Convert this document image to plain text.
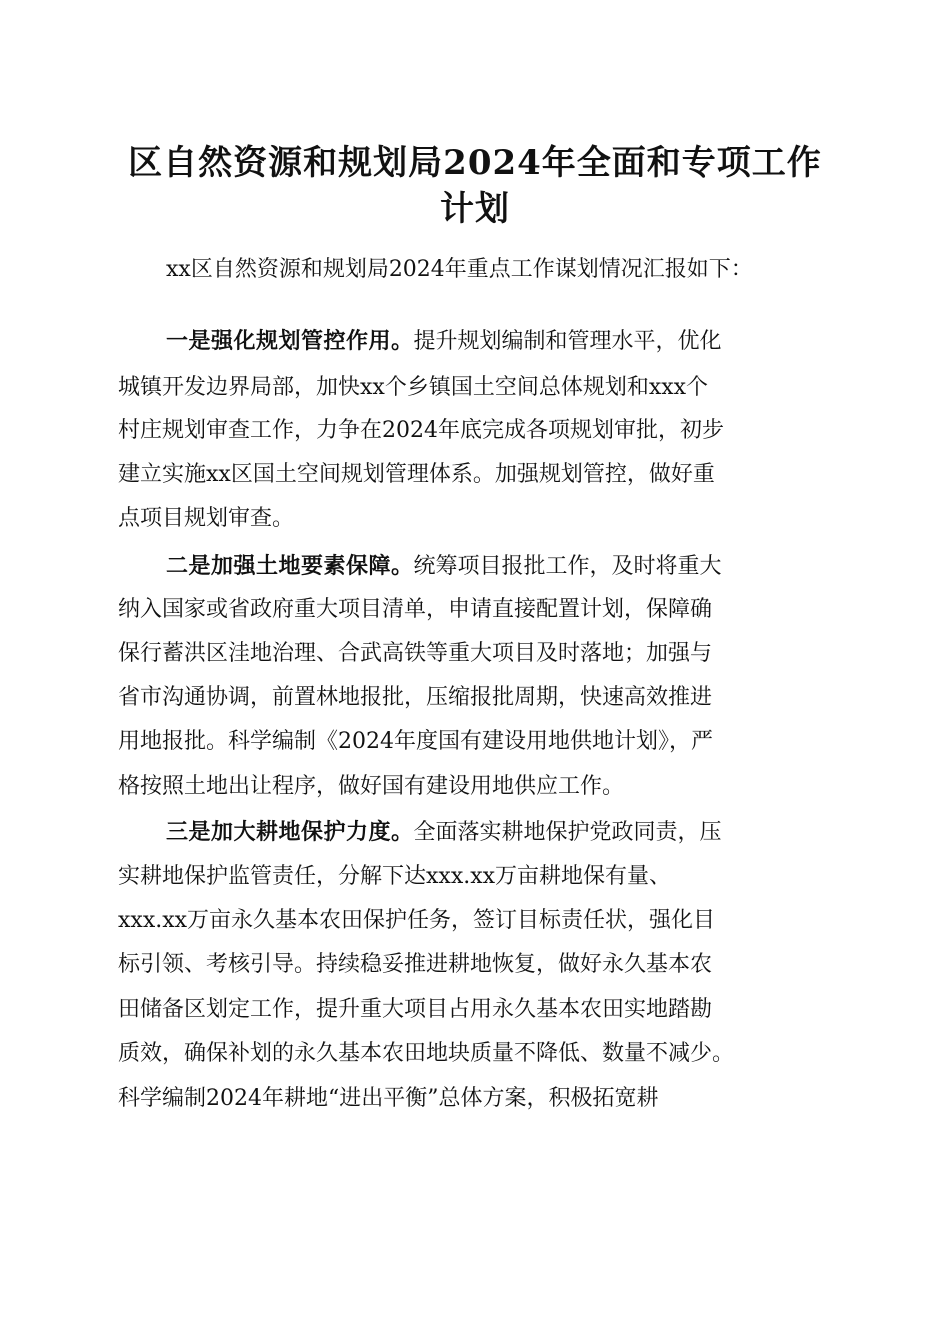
区自然资源和规划局2024年全面和专项工作
计划

xx区自然资源和规划局2024年重点工作谋划情况汇报如下：

一是强化规划管控作用。提升规划编制和管理水平，优化

城镇开发边界局部，加快xx个乡镇国土空间总体规划和xxx个

村庄规划审查工作，力争在2024年底完成各项规划审批，初步

建立实施xx区国土空间规划管理体系。加强规划管控，做好重

点项目规划审查。

二是加强土地要素保障。统筹项目报批工作，及时将重大

纳入国家或省政府重大项目清单，申请直接配置计划，保障确

保行蓄洪区洼地治理、合武高铁等重大项目及时落地；加强与

省市沟通协调，前置林地报批，压缩报批周期，快速高效推进

用地报批。科学编制《2024年度国有建设用地供地计划》，严

格按照土地出让程序，做好国有建设用地供应工作。

三是加大耕地保护力度。全面落实耕地保护党政同责，压

实耕地保护监管责任，分解下达xxx.xx万亩耕地保有量、

xxx.xx万亩永久基本农田保护任务，签订目标责任状，强化目

标引领、考核引导。持续稳妥推进耕地恢复，做好永久基本农

田储备区划定工作，提升重大项目占用永久基本农田实地踏勘

质效，确保补划的永久基本农田地块质量不降低、数量不减少。

科学编制2024年耕地“进出平衡”总体方案，积极拓宽耕
